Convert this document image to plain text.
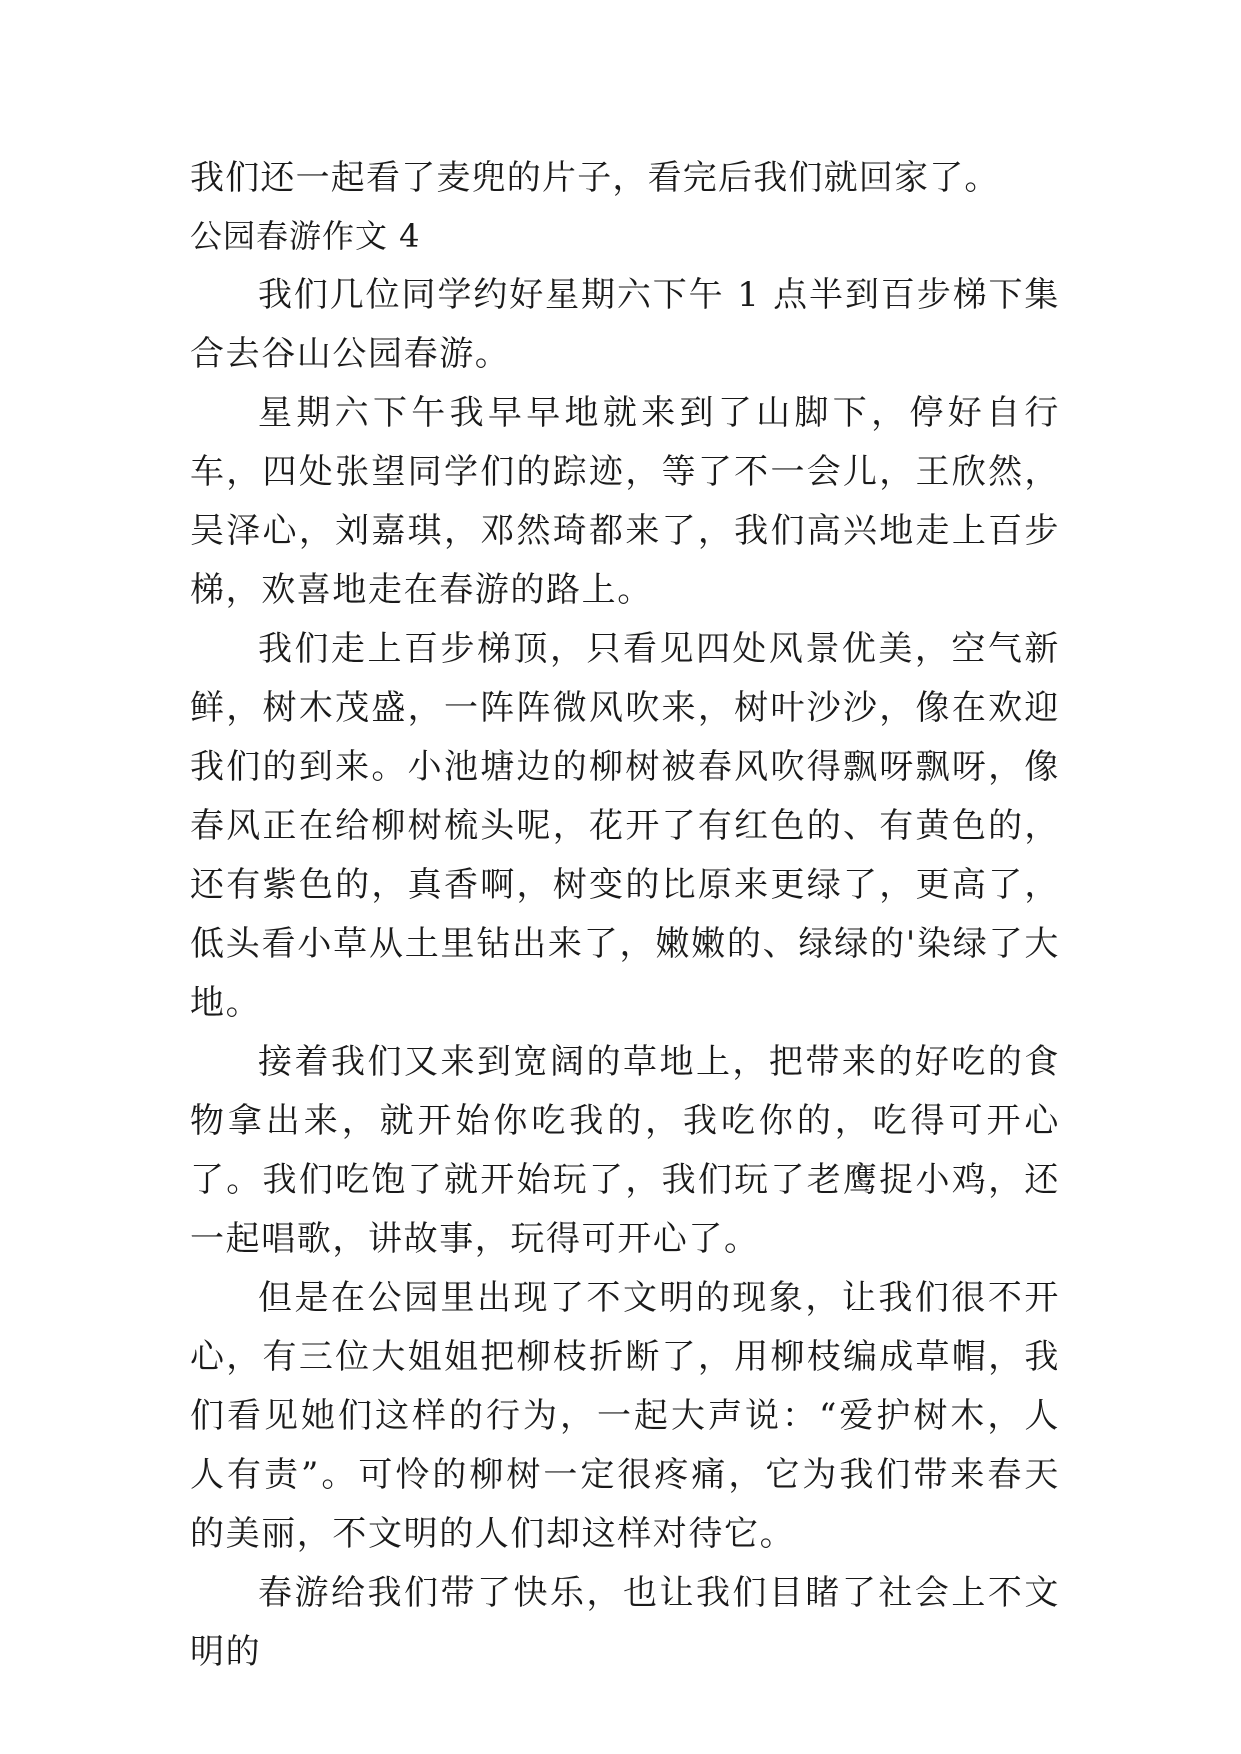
我们还一起看了麦兜的片子，看完后我们就回家了。
公园春游作文 4

我们几位同学约好星期六下午 1 点半到百步梯下集合去谷山公园春游。

星期六下午我早早地就来到了山脚下，停好自行车，四处张望同学们的踪迹，等了不一会儿，王欣然，吴泽心，刘嘉琪，邓然琦都来了，我们高兴地走上百步梯，欢喜地走在春游的路上。

我们走上百步梯顶，只看见四处风景优美，空气新鲜，树木茂盛，一阵阵微风吹来，树叶沙沙，像在欢迎我们的到来。小池塘边的柳树被春风吹得飘呀飘呀，像春风正在给柳树梳头呢，花开了有红色的、有黄色的，还有紫色的，真香啊，树变的比原来更绿了，更高了，低头看小草从土里钻出来了，嫩嫩的、绿绿的'染绿了大地。

接着我们又来到宽阔的草地上，把带来的好吃的食物拿出来，就开始你吃我的，我吃你的，吃得可开心了。我们吃饱了就开始玩了，我们玩了老鹰捉小鸡，还一起唱歌，讲故事，玩得可开心了。

但是在公园里出现了不文明的现象，让我们很不开心，有三位大姐姐把柳枝折断了，用柳枝编成草帽，我们看见她们这样的行为，一起大声说：“爱护树木，人人有责”。可怜的柳树一定很疼痛，它为我们带来春天的美丽，不文明的人们却这样对待它。

春游给我们带了快乐，也让我们目睹了社会上不文明的
